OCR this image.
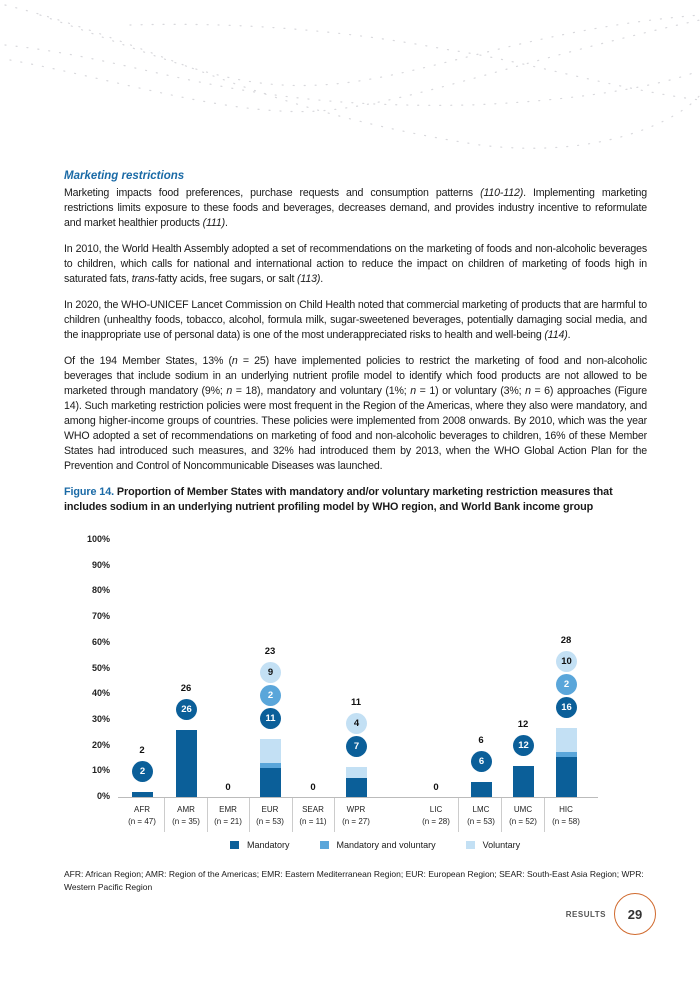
Marketing restrictions

Marketing impacts food preferences, purchase requests and consumption patterns (110-112). Implementing marketing restrictions limits exposure to these foods and beverages, decreases demand, and provides industry incentive to reformulate and market healthier products (111).

In 2010, the World Health Assembly adopted a set of recommendations on the marketing of foods and non-alcoholic beverages to children, which calls for national and international action to reduce the impact on children of marketing of foods high in saturated fats, trans-fatty acids, free sugars, or salt (113).

In 2020, the WHO-UNICEF Lancet Commission on Child Health noted that commercial marketing of products that are harmful to children (unhealthy foods, tobacco, alcohol, formula milk, sugar-sweetened beverages, potentially damaging social media, and the inappropriate use of personal data) is one of the most underappreciated risks to health and well-being (114).

Of the 194 Member States, 13% (n = 25) have implemented policies to restrict the marketing of food and non-alcoholic beverages that include sodium in an underlying nutrient profile model to identify which food products are not allowed to be marketed through mandatory (9%; n = 18), mandatory and voluntary (1%; n = 1) or voluntary (3%; n = 6) approaches (Figure 14). Such marketing restriction policies were most frequent in the Region of the Americas, where they also were mandatory, and among higher-income groups of countries. These policies were implemented from 2008 onwards. By 2010, which was the year WHO adopted a set of recommendations on marketing of food and non-alcoholic beverages to children, 16% of these Member States had introduced such measures, and 32% had introduced them by 2013, when the WHO Global Action Plan for the Prevention and Control of Noncommunicable Diseases was launched.

Figure 14. Proportion of Member States with mandatory and/or voluntary marketing restriction measures that includes sodium in an underlying nutrient profiling model by WHO region, and World Bank income group
0%
10%
20%
30%
40%
50%
60%
70%
80%
90%
100%
2
2
AFR
(n = 47)
26
26
AMR
(n = 35)
0
EMR
(n = 21)
11
2
9
23
EUR
(n = 53)
0
SEAR
(n = 11)
7
4
11
WPR
(n = 27)
0
LIC
(n = 28)
6
6
LMC
(n = 53)
12
12
UMC
(n = 52)
16
2
10
28
HIC
(n = 58)
Mandatory	Mandatory and voluntary	Voluntary
AFR: African Region; AMR: Region of the Americas; EMR: Eastern Mediterranean Region; EUR: European Region; SEAR: South-East Asia Region; WPR: Western Pacific Region
RESULTS 29
